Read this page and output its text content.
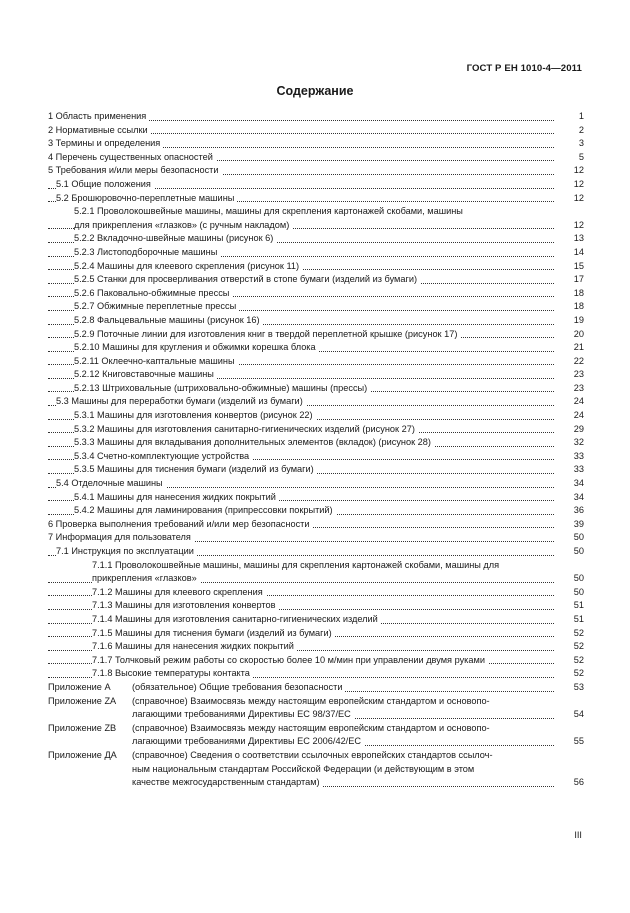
ГОСТ Р ЕН 1010-4—2011
Содержание
1 Область применения	1
2 Нормативные ссылки	2
3 Термины и определения	3
4 Перечень существенных опасностей	5
5 Требования и/или меры безопасности	12
5.1 Общие положения	12
5.2 Брошюровочно-переплетные машины	12
5.2.1 Проволокошвейные машины, машины для скрепления картонажей скобами, машины
для прикрепления «глазков» (с ручным накладом)	12
5.2.2 Вкладочно-швейные машины (рисунок 6)	13
5.2.3 Листоподборочные машины	14
5.2.4 Машины для клеевого скрепления (рисунок 11)	15
5.2.5 Станки для просверливания отверстий в стопе бумаги (изделий из бумаги)	17
5.2.6 Паковально-обжимные прессы	18
5.2.7 Обжимные переплетные прессы	18
5.2.8 Фальцевальные машины (рисунок 16)	19
5.2.9 Поточные линии для изготовления книг в твердой переплетной крышке (рисунок 17)	20
5.2.10 Машины для кругления и обжимки корешка блока	21
5.2.11 Оклеечно-каптальные машины	22
5.2.12 Книговставочные машины	23
5.2.13 Штриховальные (штриховально-обжимные) машины (прессы)	23
5.3 Машины для переработки бумаги (изделий из бумаги)	24
5.3.1 Машины для изготовления конвертов (рисунок 22)	24
5.3.2 Машины для изготовления санитарно-гигиенических изделий (рисунок 27)	29
5.3.3 Машины для вкладывания дополнительных элементов (вкладок) (рисунок 28)	32
5.3.4 Счетно-комплектующие устройства	33
5.3.5 Машины для тиснения бумаги (изделий из бумаги)	33
5.4 Отделочные машины	34
5.4.1 Машины для нанесения жидких покрытий	34
5.4.2 Машины для ламинирования (припрессовки покрытий)	36
6 Проверка выполнения требований и/или мер безопасности	39
7 Информация для пользователя	50
7.1 Инструкция по эксплуатации	50
7.1.1 Проволокошвейные машины, машины для скрепления картонажей скобами, машины для
прикрепления «глазков»	50
7.1.2 Машины для клеевого скрепления	50
7.1.3 Машины для изготовления конвертов	51
7.1.4 Машины для изготовления санитарно-гигиенических изделий	51
7.1.5 Машины для тиснения бумаги (изделий из бумаги)	52
7.1.6 Машины для нанесения жидких покрытий	52
7.1.7 Толчковый режим работы со скоростью более 10 м/мин при управлении двумя руками	52
7.1.8 Высокие температуры контакта	52
Приложение А (обязательное) Общие требования безопасности	53
Приложение ZA (справочное) Взаимосвязь между настоящим европейским стандартом и основопо-
лагающими требованиями Директивы ЕС 98/37/ЕС	54
Приложение ZB (справочное) Взаимосвязь между настоящим европейским стандартом и основопо-
лагающими требованиями Директивы ЕС 2006/42/ЕС	55
Приложение ДА (справочное) Сведения о соответствии ссылочных европейских стандартов ссылоч-
ным национальным стандартам Российской Федерации (и действующим в этом
качестве межгосударственным стандартам)	56
III
